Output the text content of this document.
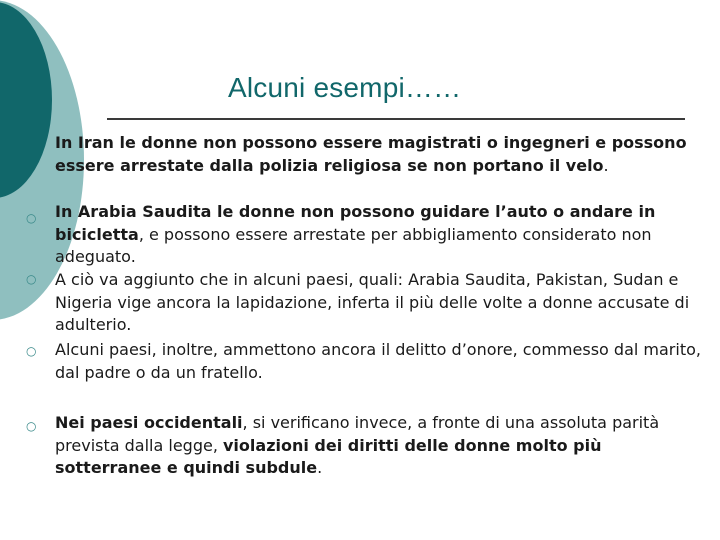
Alcuni esempi……
○
○
○
○
In Iran le donne non possono essere magistrati o ingegneri e possono essere arrestate dalla polizia religiosa se non portano il velo.
In Arabia Saudita le donne non possono guidare l’auto o andare in bicicletta, e possono essere arrestate per abbigliamento considerato non adeguato.
A ciò va aggiunto che in alcuni paesi, quali: Arabia Saudita, Pakistan, Sudan e Nigeria vige ancora la lapidazione, inferta il più delle volte a donne accusate di adulterio.
Alcuni paesi, inoltre, ammettono ancora il delitto d’onore, commesso dal marito, dal padre o da un fratello.
Nei paesi occidentali, si verificano invece, a fronte di una assoluta parità prevista dalla legge, violazioni dei diritti delle donne molto più sotterranee e quindi subdule.
